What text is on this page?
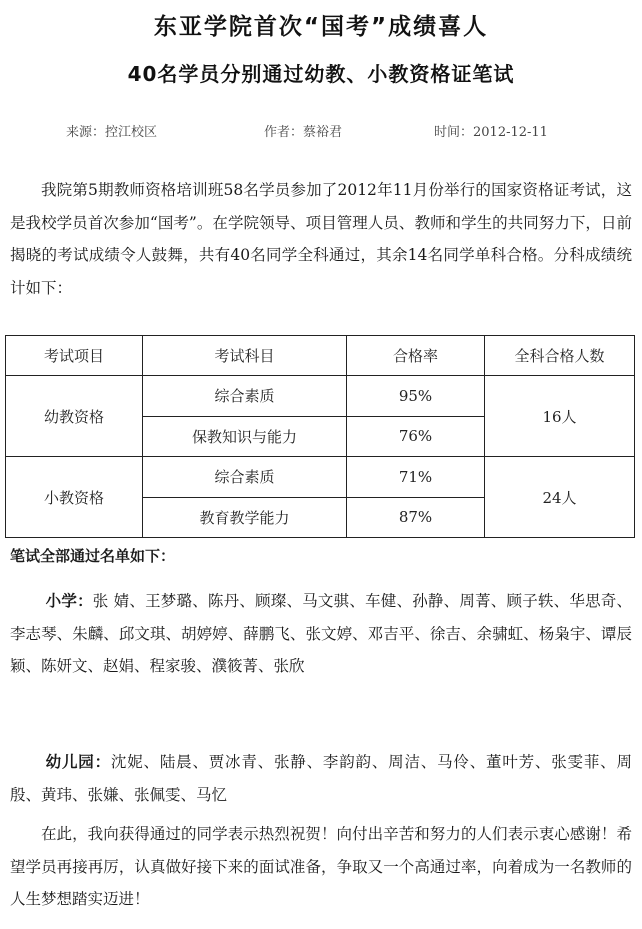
东亚学院首次“国考”成绩喜人
40名学员分别通过幼教、小教资格证笔试
来源：控江校区	作者：蔡裕君	时间：2012-12-11

我院第5期教师资格培训班58名学员参加了2012年11月份举行的国家资格证考试，这是我校学员首次参加“国考”。在学院领导、项目管理人员、教师和学生的共同努力下，日前揭晓的考试成绩令人鼓舞，共有40名同学全科通过，其余14名同学单科合格。分科成绩统计如下：

考试项目	考试科目	合格率	全科合格人数
幼教资格	综合素质	95%	16人
	保教知识与能力	76%	
小教资格	综合素质	71%	24人
	教育教学能力	87%	
笔试全部通过名单如下：

小学：张 婧、王梦璐、陈丹、顾璨、马文骐、车健、孙静、周菁、顾子轶、华思奇、李志琴、朱麟、邱文琪、胡婷婷、薛鹏飞、张文婷、邓吉平、徐吉、余骕虹、杨枭宇、谭辰颖、陈妍文、赵娟、程家骏、濮筱菁、张欣

幼儿园：沈妮、陆晨、贾冰青、张静、李韵韵、周洁、马伶、董叶芳、张雯菲、周殷、黄玮、张嫌、张佩雯、马忆

在此，我向获得通过的同学表示热烈祝贺！向付出辛苦和努力的人们表示衷心感谢！希望学员再接再厉，认真做好接下来的面试准备，争取又一个高通过率，向着成为一名教师的人生梦想踏实迈进！
